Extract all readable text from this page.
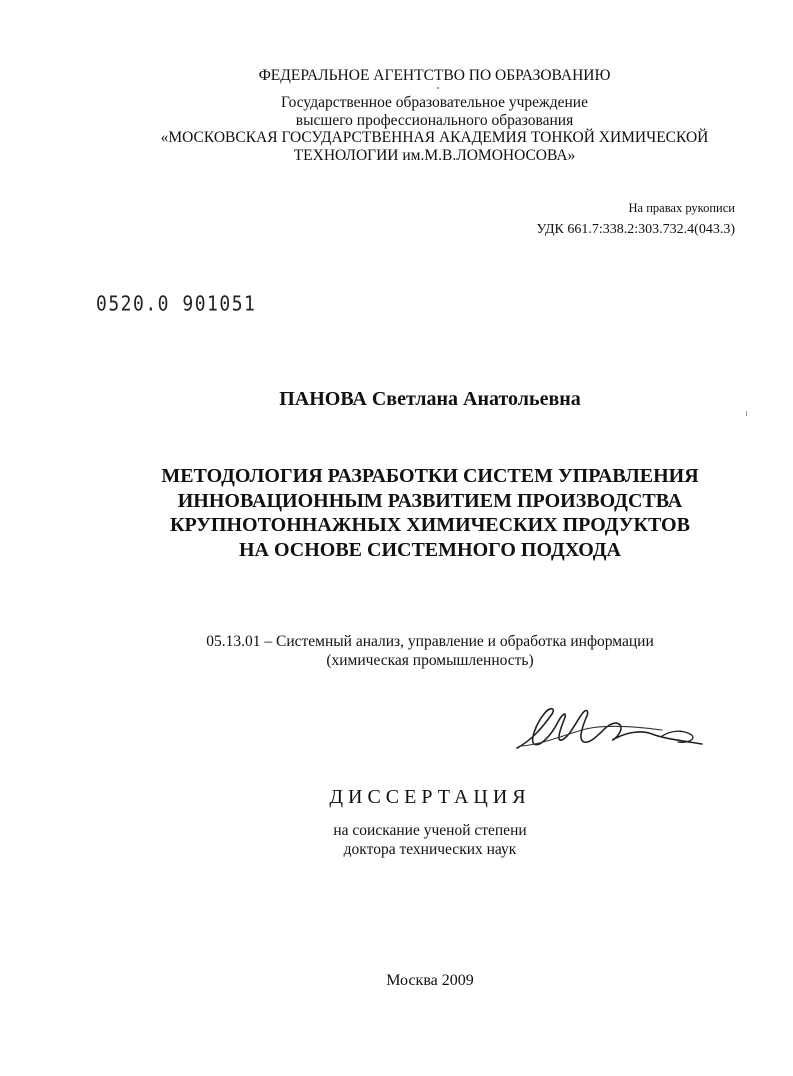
ФЕДЕРАЛЬНОЕ АГЕНТСТВО ПО ОБРАЗОВАНИЮ
Государственное образовательное учреждение
высшего профессионального образования
«МОСКОВСКАЯ ГОСУДАРСТВЕННАЯ АКАДЕМИЯ ТОНКОЙ ХИМИЧЕСКОЙ
ТЕХНОЛОГИИ им.М.В.ЛОМОНОСОВА»
На правах рукописи
УДК 661.7:338.2:303.732.4(043.3)
0520.0 901051
ПАНОВА Светлана Анатольевна
МЕТОДОЛОГИЯ РАЗРАБОТКИ СИСТЕМ УПРАВЛЕНИЯ
ИННОВАЦИОННЫМ РАЗВИТИЕМ ПРОИЗВОДСТВА
КРУПНОТОННАЖНЫХ ХИМИЧЕСКИХ ПРОДУКТОВ
НА ОСНОВЕ СИСТЕМНОГО ПОДХОДА
05.13.01 – Системный анализ, управление и обработка информации
(химическая промышленность)
ДИССЕРТАЦИЯ
на соискание ученой степени
доктора технических наук
Москва 2009
